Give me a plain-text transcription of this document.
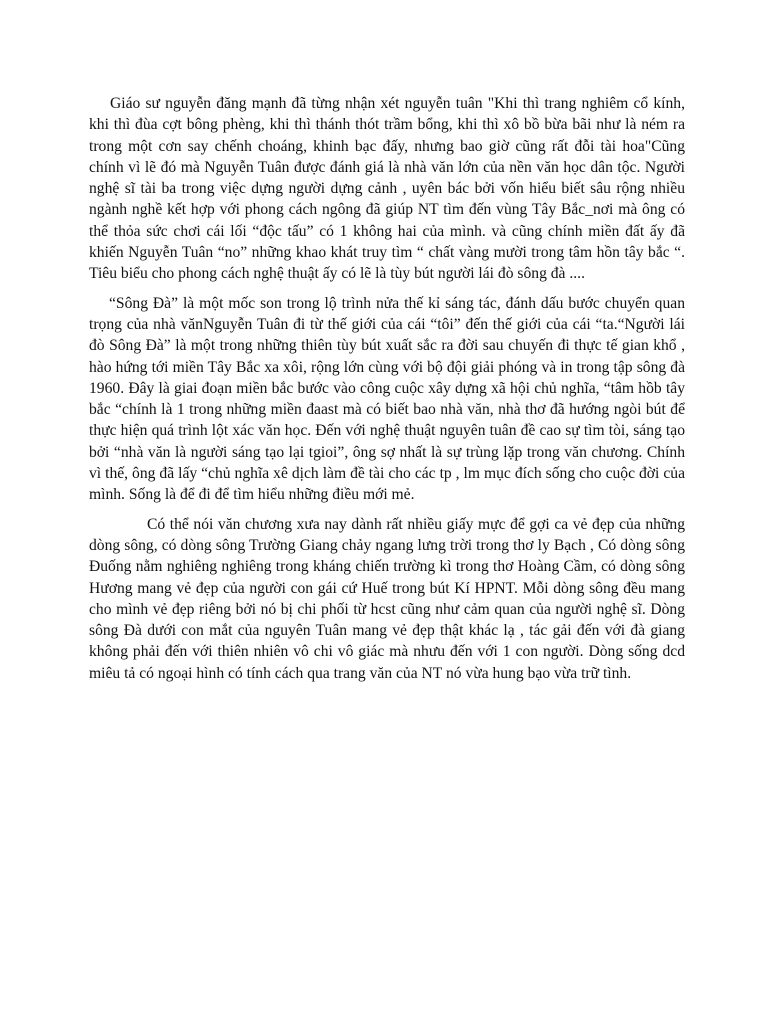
Giáo sư nguyễn đăng mạnh đã từng nhận xét nguyễn tuân "Khi thì trang nghiêm cổ kính, khi thì đùa cợt bông phèng, khi thì thánh thót trầm bổng, khi thì xô bồ bừa bãi như là ném ra trong một cơn say chếnh choáng, khinh bạc đấy, nhưng bao giờ cũng rất đỗi tài hoa"Cũng chính vì lẽ đó mà Nguyễn Tuân được đánh giá là nhà văn lớn của nền văn học dân tộc. Người nghệ sĩ tài ba trong việc dựng người dựng cảnh , uyên bác bởi vốn hiểu biết sâu rộng nhiều ngành nghề kết hợp với phong cách ngông đã giúp NT tìm đến vùng Tây Bắc_nơi mà ông có thể thỏa sức chơi cái lối “độc tấu” có 1 không hai của mình. và cũng chính miền đất ấy đã khiến Nguyễn Tuân “no” những khao khát truy tìm “ chất vàng mười trong tâm hồn tây bắc “. Tiêu biểu cho phong cách nghệ thuật ấy có lẽ là tùy bút người lái đò sông đà ....

“Sông Đà” là một mốc son trong lộ trình nửa thế kỉ sáng tác, đánh dấu bước chuyển quan trọng của nhà vănNguyễn Tuân đi từ thế giới của cái “tôi” đến thế giới của cái “ta.“Người lái đò Sông Đà” là một trong những thiên tùy bút xuất sắc ra đời sau chuyến đi thực tế gian khổ , hào hứng tới miền Tây Bắc xa xôi, rộng lớn cùng với bộ đội giải phóng và in trong tập sông đà 1960. Đây là giai đoạn miền bắc bước vào công cuộc xây dựng xã hội chủ nghĩa, “tâm hồb tây bắc “chính là 1 trong những miền đaast mà có biết bao nhà văn, nhà thơ đã hướng ngòi bút để thực hiện quá trình lột xác văn học. Đến với nghệ thuật nguyên tuân đề cao sự tìm tòi, sáng tạo bởi “nhà văn là người sáng tạo lại tgioi”, ông sợ nhất là sự trùng lặp trong văn chương. Chính vì thế, ông đã lấy “chủ nghĩa xê dịch làm đề tài cho các tp , lm mục đích sống cho cuộc đời của mình. Sống là để đi để tìm hiểu những điều mới mẻ.

Có thể nói văn chương xưa nay dành rất nhiều giấy mực để gợi ca vẻ đẹp của những dòng sông, có dòng sông Trường Giang chảy ngang lưng trời trong thơ ly Bạch , Có dòng sông Đuống nằm nghiêng nghiêng trong kháng chiến trường kì trong thơ Hoàng Cầm, có dòng sông Hương mang vẻ đẹp của người con gái cứ Huế trong bút Kí HPNT. Mỗi dòng sông đều mang cho mình vẻ đẹp riêng bởi nó bị chi phối từ hcst cũng như cảm quan của người nghệ sĩ. Dòng sông Đà dưới con mắt của nguyên Tuân mang vẻ đẹp thật khác lạ , tác gải đến với đà giang không phải đến với thiên nhiên vô chi vô giác mà nhưu đến với 1 con người. Dòng sống dcd miêu tả có ngoại hình có tính cách qua trang văn của NT nó vừa hung bạo vừa trữ tình.
